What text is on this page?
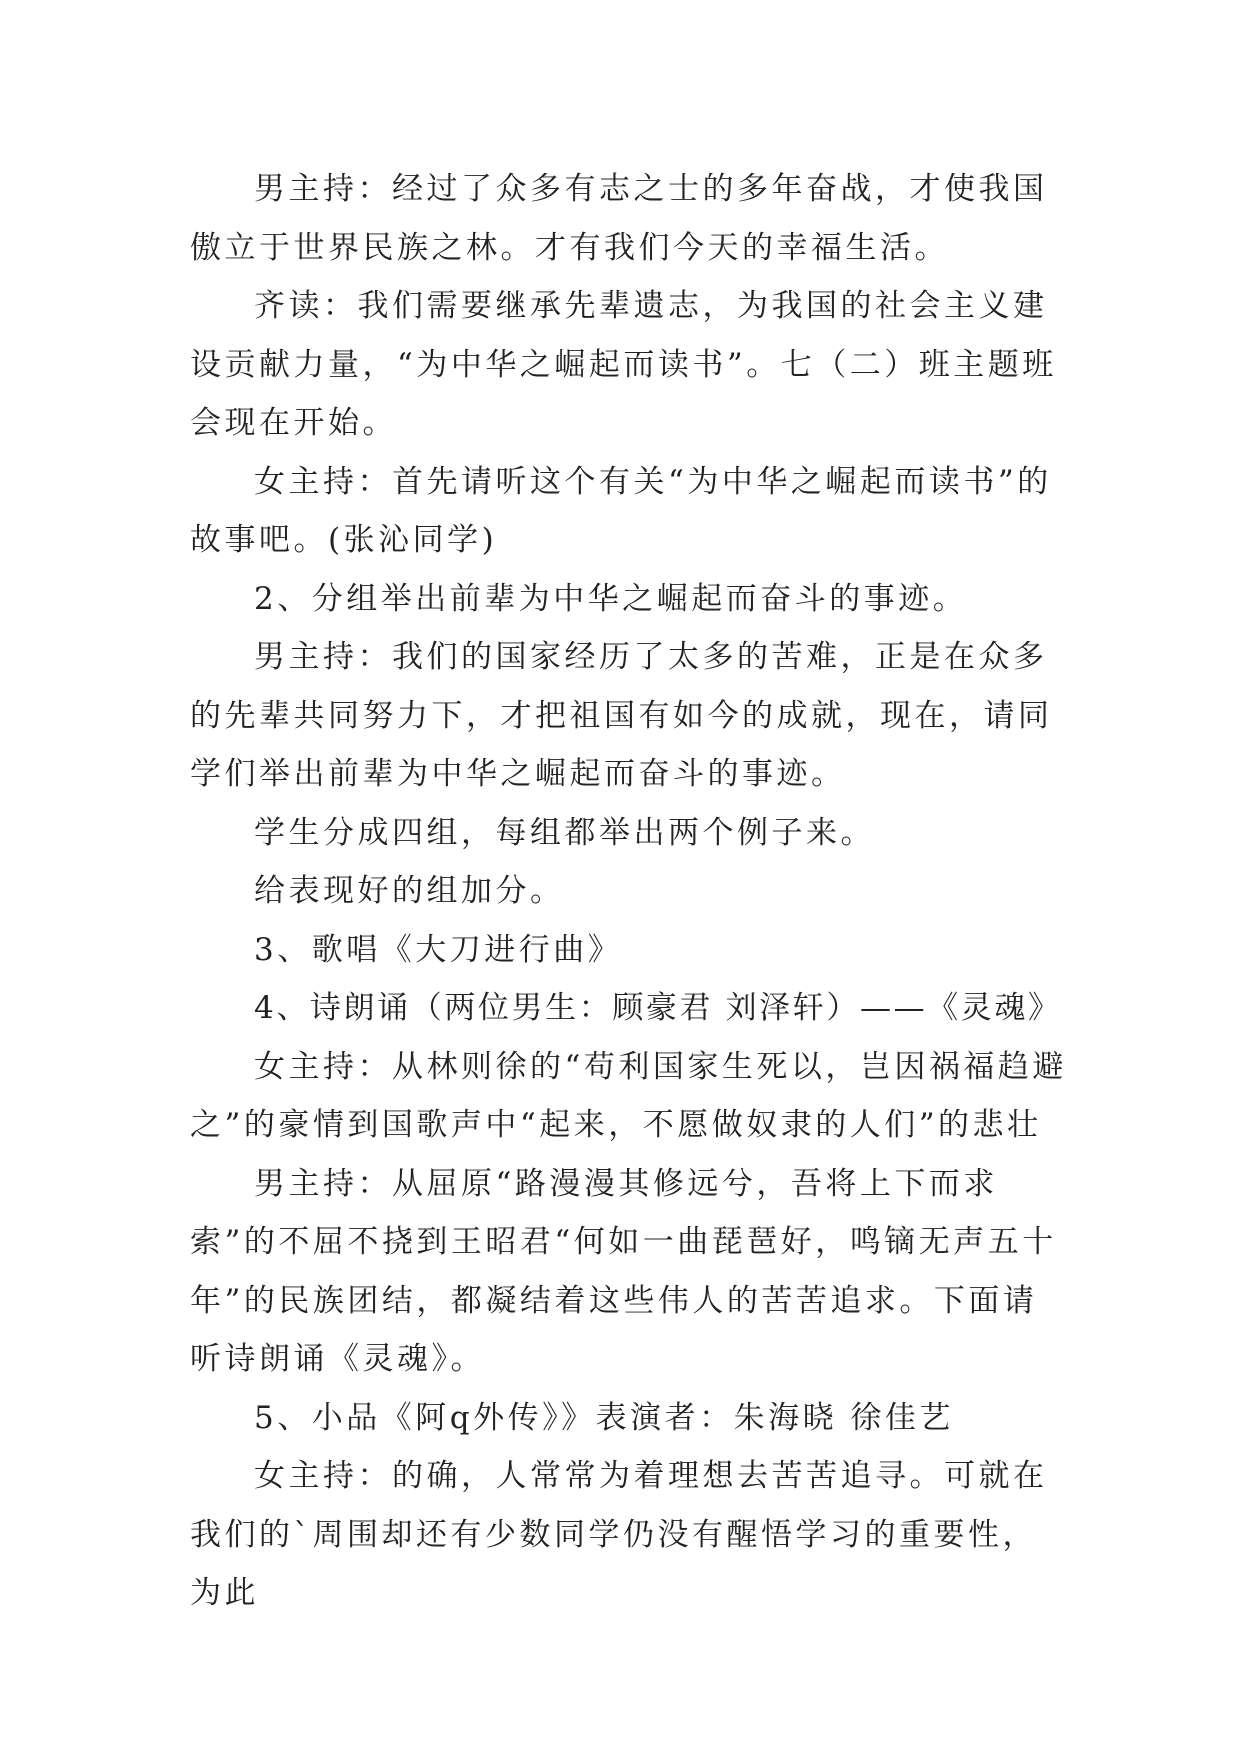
男主持：经过了众多有志之士的多年奋战，才使我国傲立于世界民族之林。才有我们今天的幸福生活。

齐读：我们需要继承先辈遗志，为我国的社会主义建设贡献力量，“为中华之崛起而读书”。七（二）班主题班会现在开始。

女主持：首先请听这个有关“为中华之崛起而读书”的故事吧。(张沁同学)

2、分组举出前辈为中华之崛起而奋斗的事迹。

男主持：我们的国家经历了太多的苦难，正是在众多的先辈共同努力下，才把祖国有如今的成就，现在，请同学们举出前辈为中华之崛起而奋斗的事迹。

学生分成四组，每组都举出两个例子来。

给表现好的组加分。

3、歌唱《大刀进行曲》

4、诗朗诵（两位男生：顾豪君 刘泽轩）——《灵魂》

女主持：从林则徐的“苟利国家生死以，岂因祸福趋避之”的豪情到国歌声中“起来，不愿做奴隶的人们”的悲壮

男主持：从屈原“路漫漫其修远兮，吾将上下而求索”的不屈不挠到王昭君“何如一曲琵琶好，鸣镝无声五十年”的民族团结，都凝结着这些伟人的苦苦追求。下面请听诗朗诵《灵魂》。

5、小品《阿q外传》》表演者：朱海晓 徐佳艺

女主持：的确，人常常为着理想去苦苦追寻。可就在我们的`周围却还有少数同学仍没有醒悟学习的重要性，为此
